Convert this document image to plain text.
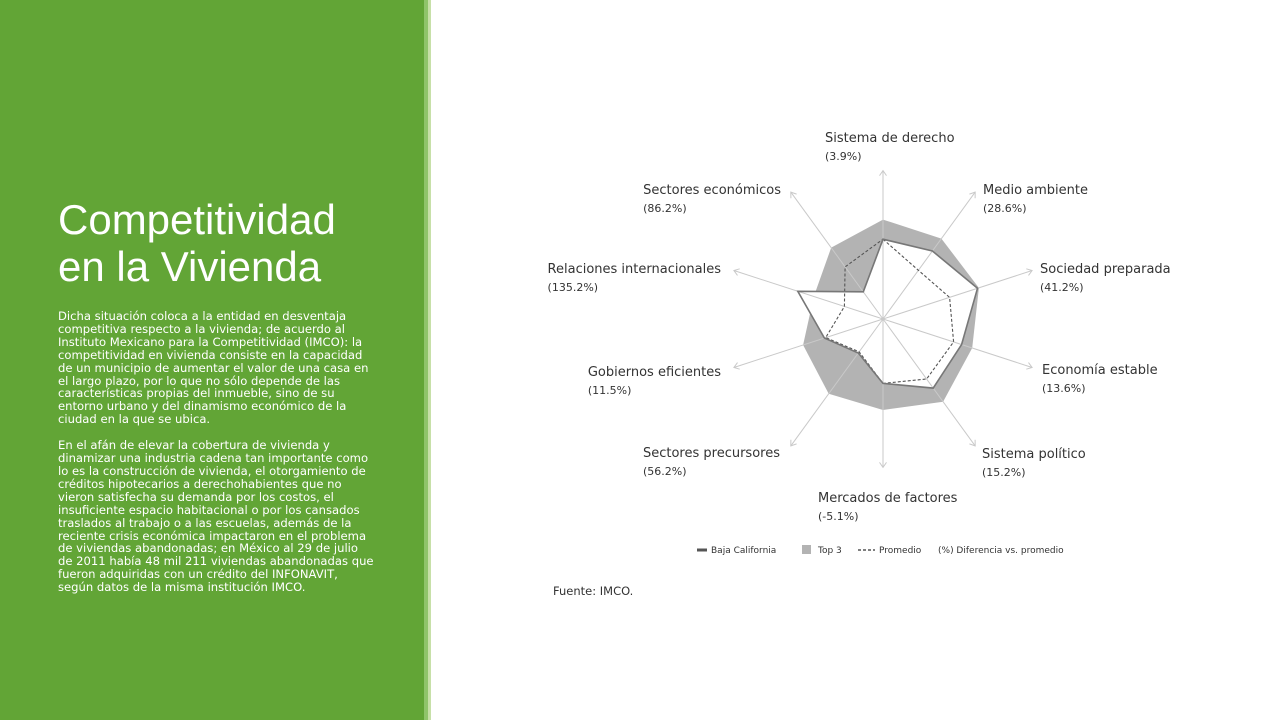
Competitividad
en la Vivienda

Dicha situación coloca a la entidad en desventaja competitiva respecto a la vivienda; de acuerdo al Instituto Mexicano para la Competitividad (IMCO): la competitividad en vivienda consiste en la capacidad de un municipio de aumentar el valor de una casa en el largo plazo, por lo que no sólo depende de las características propias del inmueble, sino de su entorno urbano y del dinamismo económico de la ciudad en la que se ubica.

En el afán de elevar la cobertura de vivienda y dinamizar una industria cadena tan importante como lo es la construcción de vivienda, el otorgamiento de créditos hipotecarios a derechohabientes que no vieron satisfecha su demanda por los costos, el insuficiente espacio habitacional o por los cansados traslados al trabajo o a las escuelas, además de la reciente crisis económica impactaron en el problema de viviendas abandonadas; en México al 29 de julio de 2011 había 48 mil 211 viviendas abandonadas que fueron adquiridas con un crédito del INFONAVIT, según datos de la misma institución IMCO.

Sistema de derecho
(3.9%)
Medio ambiente
(28.6%)
Sociedad preparada
(41.2%)
Economía estable
(13.6%)
Sistema político
(15.2%)
Mercados de factores
(-5.1%)
Sectores precursores
(56.2%)
Gobiernos eficientes
(11.5%)
Relaciones internacionales
(135.2%)
Sectores económicos
(86.2%)
Baja California	Top 3	Promedio (%) Diferencia vs. promedio
Fuente: IMCO.
